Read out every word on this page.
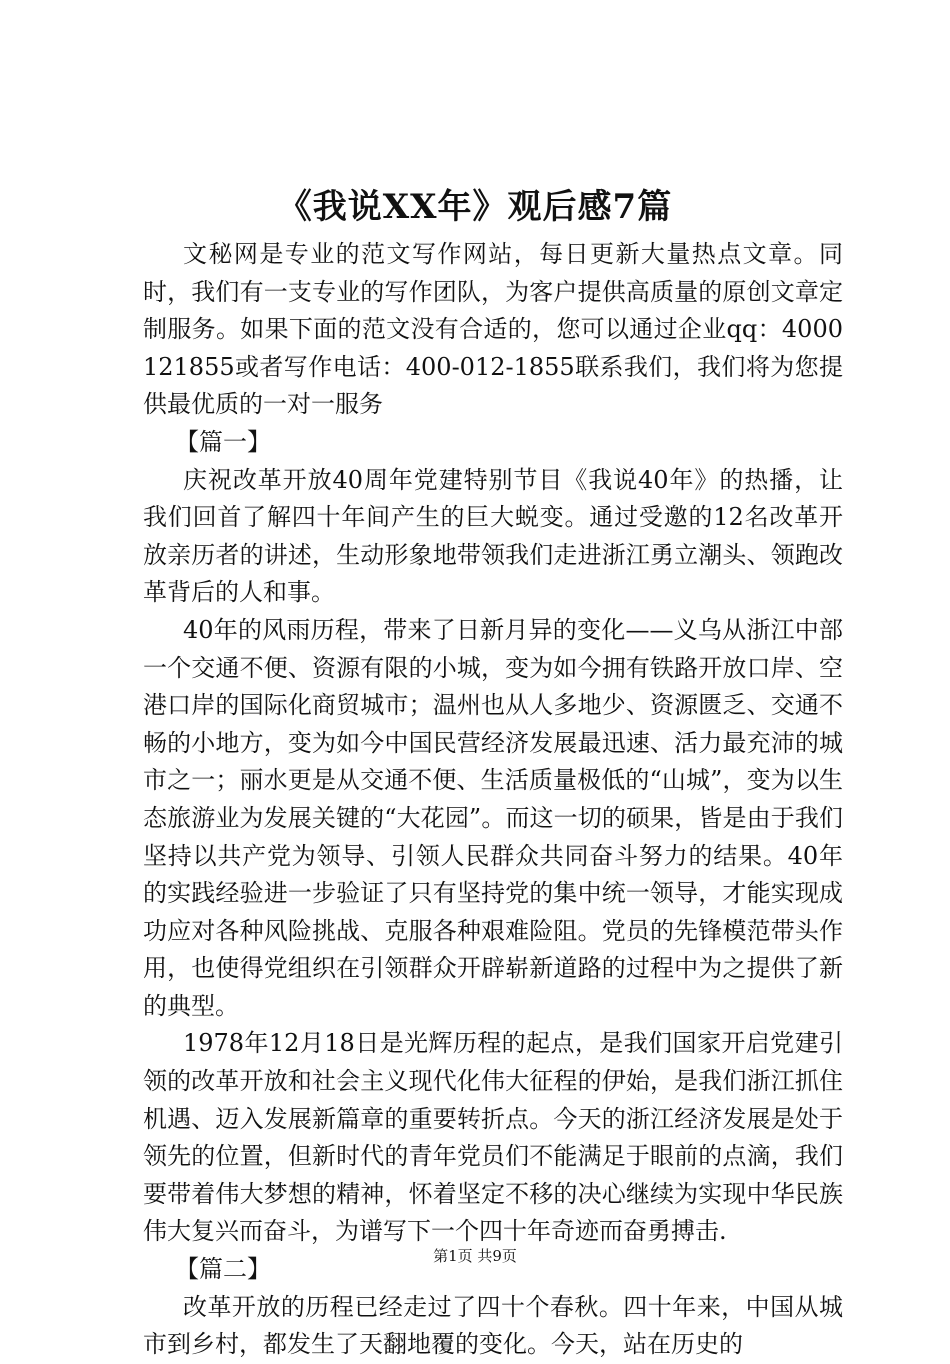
《我说XX年》观后感7篇

文秘网是专业的范文写作网站，每日更新大量热点文章。同时，我们有一支专业的写作团队，为客户提供高质量的原创文章定制服务。如果下面的范文没有合适的，您可以通过企业qq：4000121855或者写作电话：400-012-1855联系我们，我们将为您提供最优质的一对一服务

【篇一】

庆祝改革开放40周年党建特别节目《我说40年》的热播，让我们回首了解四十年间产生的巨大蜕变。通过受邀的12名改革开放亲历者的讲述，生动形象地带领我们走进浙江勇立潮头、领跑改革背后的人和事。

40年的风雨历程，带来了日新月异的变化——义乌从浙江中部一个交通不便、资源有限的小城，变为如今拥有铁路开放口岸、空港口岸的国际化商贸城市；温州也从人多地少、资源匮乏、交通不畅的小地方，变为如今中国民营经济发展最迅速、活力最充沛的城市之一；丽水更是从交通不便、生活质量极低的“山城”，变为以生态旅游业为发展关键的“大花园”。而这一切的硕果，皆是由于我们坚持以共产党为领导、引领人民群众共同奋斗努力的结果。40年的实践经验进一步验证了只有坚持党的集中统一领导，才能实现成功应对各种风险挑战、克服各种艰难险阻。党员的先锋模范带头作用，也使得党组织在引领群众开辟崭新道路的过程中为之提供了新的典型。

1978年12月18日是光辉历程的起点，是我们国家开启党建引领的改革开放和社会主义现代化伟大征程的伊始，是我们浙江抓住机遇、迈入发展新篇章的重要转折点。今天的浙江经济发展是处于领先的位置，但新时代的青年党员们不能满足于眼前的点滴，我们要带着伟大梦想的精神，怀着坚定不移的决心继续为实现中华民族伟大复兴而奋斗，为谱写下一个四十年奇迹而奋勇搏击.

【篇二】

改革开放的历程已经走过了四十个春秋。四十年来，中国从城市到乡村，都发生了天翻地覆的变化。今天，站在历史的

第1页 共9页
